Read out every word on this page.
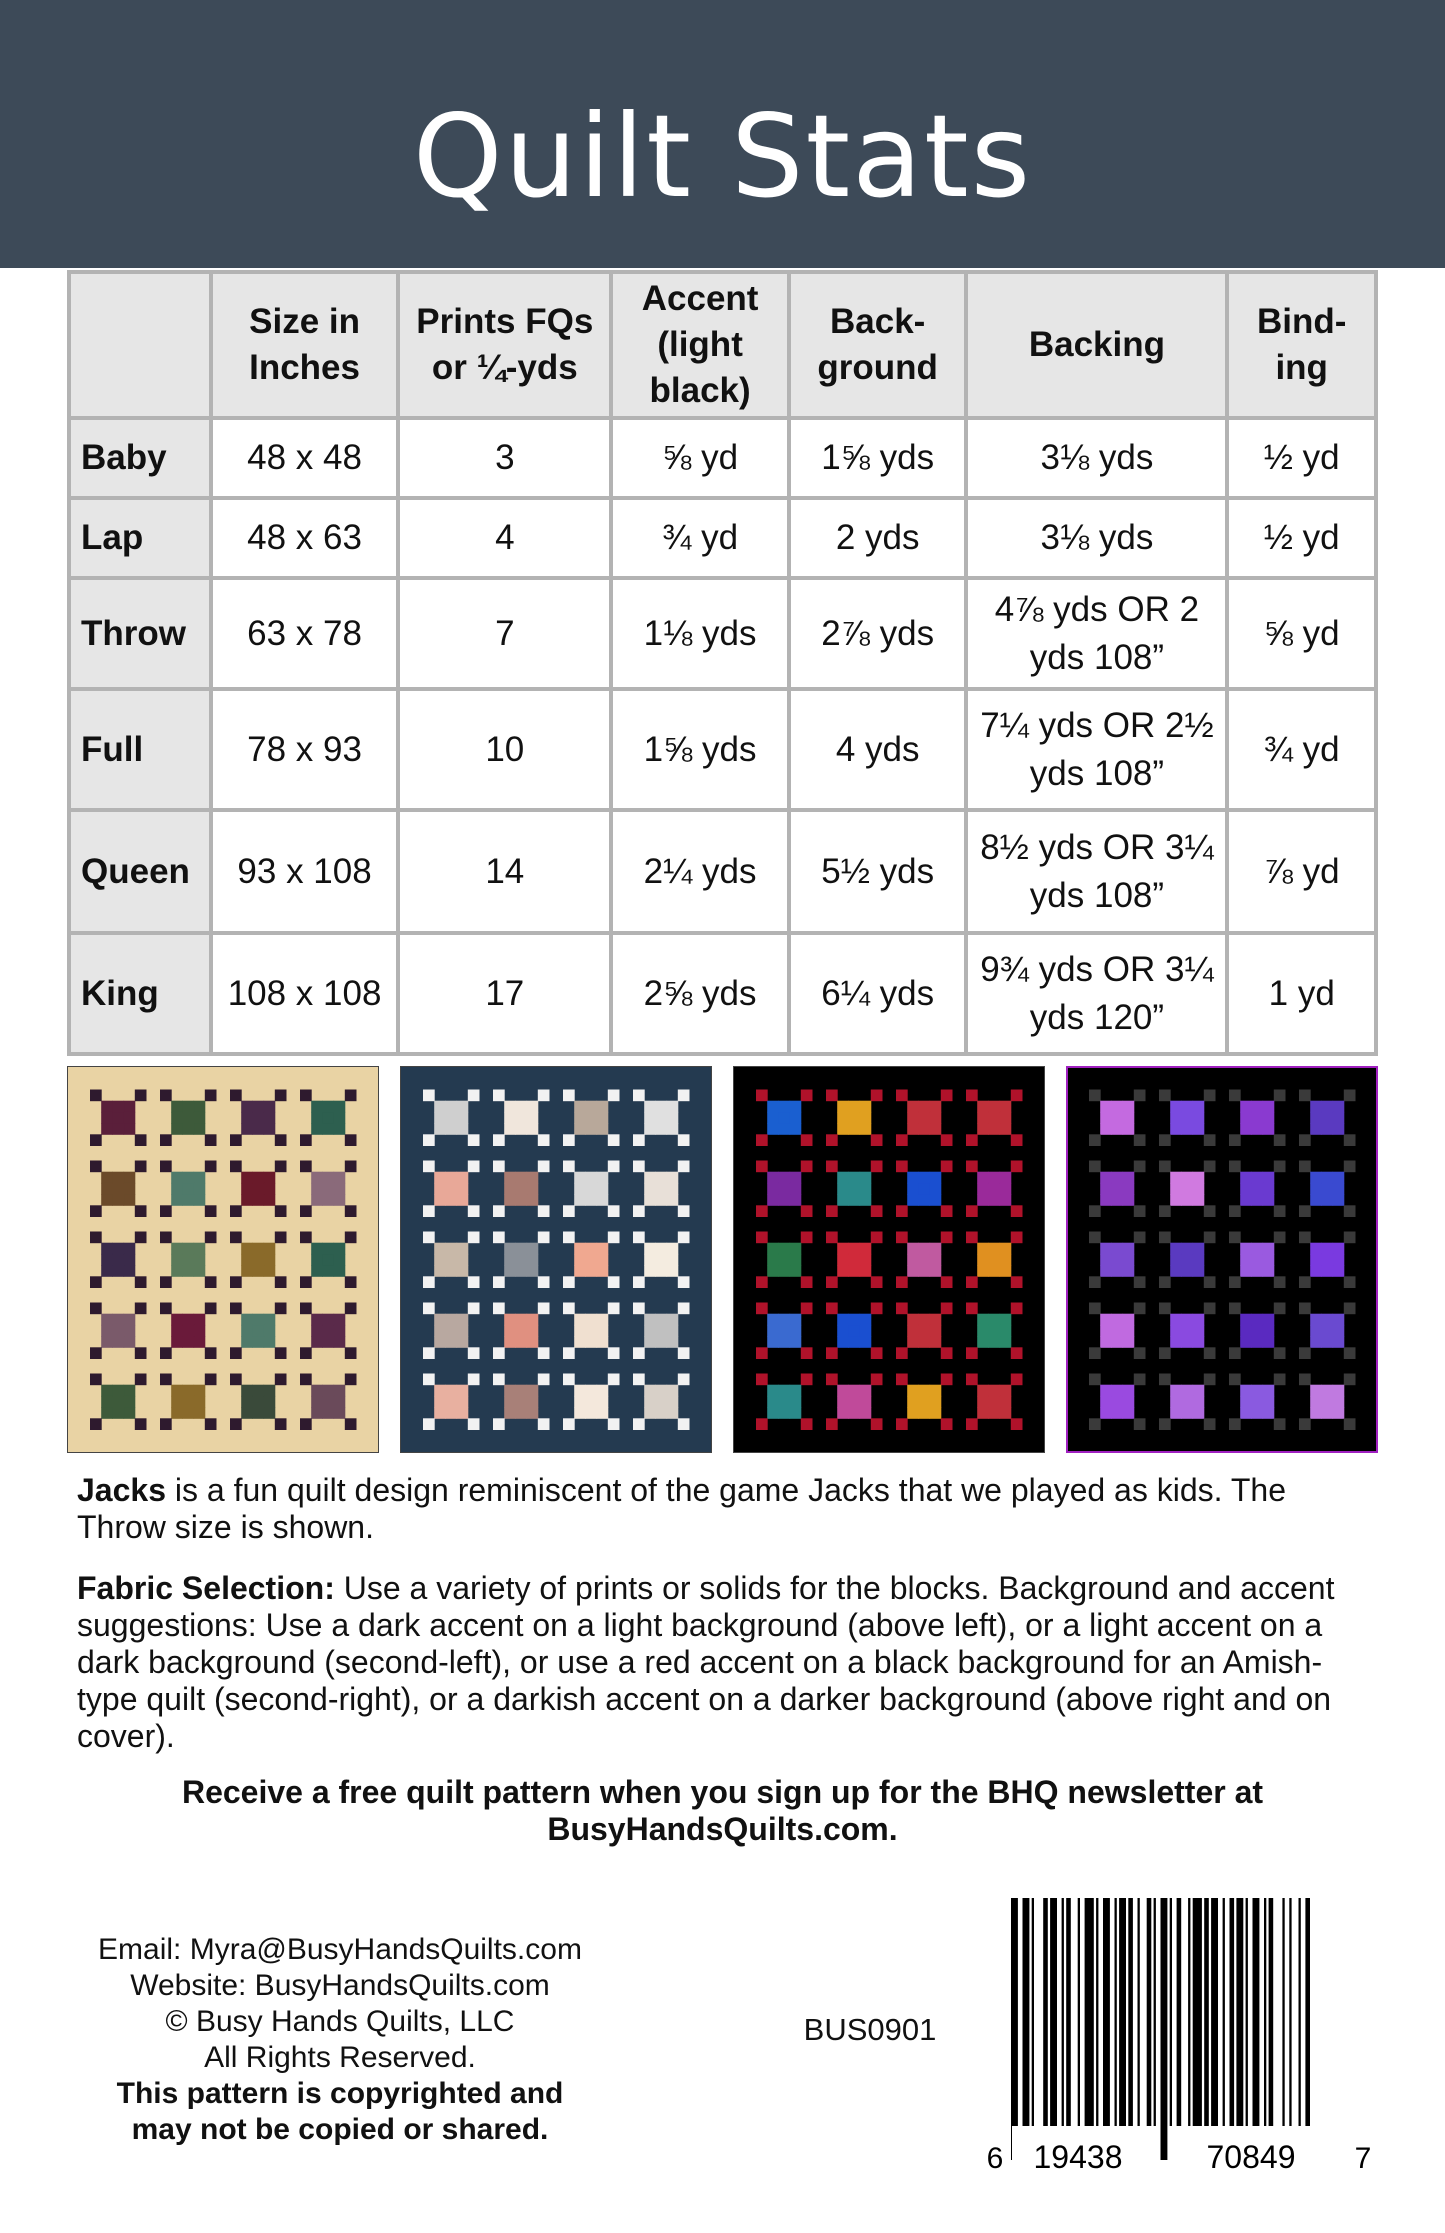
Quilt Stats
	Size in Inches	Prints FQs or ¼-yds	Accent (light black)	Back-ground	Backing	Bind-ing
Baby	48 x 48	3	⅝ yd	1⅝ yds	3⅛ yds	½ yd
Lap	48 x 63	4	¾ yd	2 yds	3⅛ yds	½ yd
Throw	63 x 78	7	1⅛ yds	2⅞ yds	4⅞ yds OR 2 yds 108”	⅝ yd
Full	78 x 93	10	1⅝ yds	4 yds	7¼ yds OR 2½ yds 108”	¾ yd
Queen	93 x 108	14	2¼ yds	5½ yds	8½ yds OR 3¼ yds 108”	⅞ yd
King	108 x 108	17	2⅝ yds	6¼ yds	9¾ yds OR 3¼ yds 120”	1 yd

Jacks is a fun quilt design reminiscent of the game Jacks that we played as kids. The Throw size is shown.

Fabric Selection: Use a variety of prints or solids for the blocks. Background and accent suggestions: Use a dark accent on a light background (above left), or a light accent on a dark background (second-left), or use a red accent on a black background for an Amish-type quilt (second-right), or a darkish accent on a darker background (above right and on cover).

Receive a free quilt pattern when you sign up for the BHQ newsletter at
BusyHandsQuilts.com.
Email: Myra@BusyHandsQuilts.com
Website: BusyHandsQuilts.com
© Busy Hands Quilts, LLC
All Rights Reserved.
This pattern is copyrighted and
may not be copied or shared.
BUS0901
6 19438	70849 7
